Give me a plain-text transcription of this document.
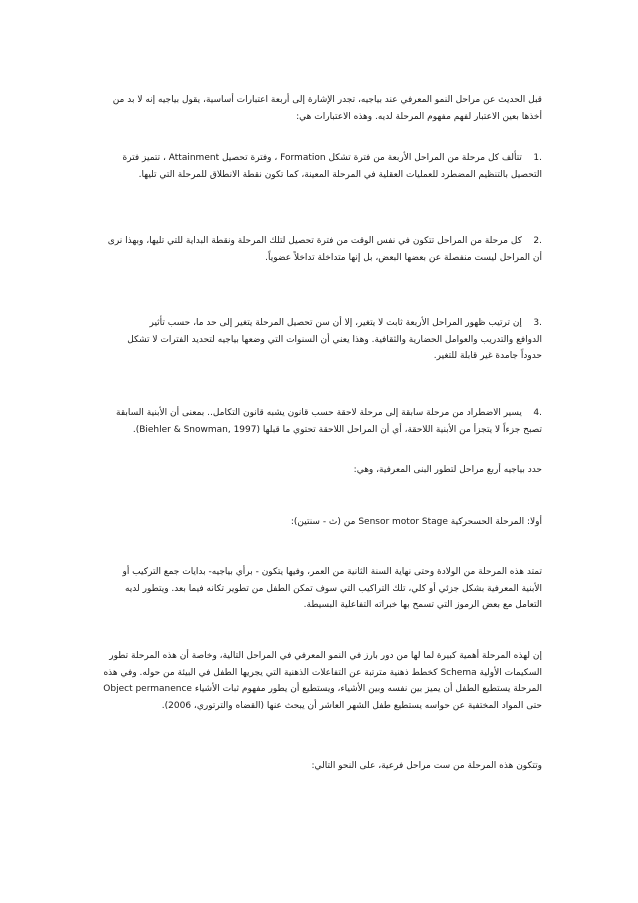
قبل الحديث عن مراحل النمو المعرفي عند بياجيه، تجدر الإشارة إلى أربعة اعتبارات أساسية، يقول بياجيه إنه لا بد من
أخذها بعين الاعتبار لفهم مفهوم المرحلة لديه. وهذه الاعتبارات هي:

.1    تتألف كل مرحلة من المراحل الأربعة من فترة تشكل Formation ، وفترة تحصيل Attainment ، تتميز فترة
التحصيل بالتنظيم المضطرد للعمليات العقلية في المرحلة المعينة، كما تكون نقطة الانطلاق للمرحلة التي تليها.

.2    كل مرحلة من المراحل تتكون في نفس الوقت من فترة تحصيل لتلك المرحلة ونقطة البداية للتي تليها، وبهذا نرى
أن المراحل ليست منفصلة عن بعضها البعض، بل إنها متداخلة تداخلاً عضوياً.

.3    إن ترتيب ظهور المراحل الأربعة ثابت لا يتغير، إلا أن سن تحصيل المرحلة يتغير إلى حد ما، حسب تأثير
الدوافع والتدريب والعوامل الحضارية والثقافية. وهذا يعني أن السنوات التي وضعها بياجيه لتحديد الفترات لا تشكل
حدوداً جامدة غير قابلة للتغير.

.4    يسير الاضطراد من مرحلة سابقة إلى مرحلة لاحقة حسب قانون يشبه قانون التكامل.. بمعنى أن الأبنية السابقة
تصبح جزءاً لا يتجزأ من الأبنية اللاحقة، أي أن المراحل اللاحقة تحتوي ما قبلها (Biehler & Snowman, 1997).

حدد بياجيه أربع مراحل لتطور البنى المعرفية، وهي:

أولا: المرحلة الحسحركية Sensor motor Stage من (ث - سنتين):

تمتد هذه المرحلة من الولادة وحتى نهاية السنة الثانية من العمر، وفيها يتكون - برأي بياجيه- بدايات جمع التركيب أو
الأبنية المعرفية بشكل جزئي أو كلي، تلك التراكيب التي سوف تمكن الطفل من تطوير تكانه فيما بعد. ويتطور لديه
التعامل مع بعض الرموز التي تسمح بها خبراته التفاعلية البسيطة.

إن لهذه المرحلة أهمية كبيرة لما لها من دور بارز في النمو المعرفي في المراحل التالية، وخاصة أن هذه المرحلة تطور
السكيمات الأولية Schema كخطط ذهنية مترتبة عن التفاعلات الذهنية التي يجريها الطفل في البيئة من حوله. وفي هذه
المرحلة يستطيع الطفل أن يميز بين نفسه وبين الأشياء، ويستطيع أن يطور مفهوم ثبات الأشياء Object permanence
حتى المواد المختفية عن حواسه يستطيع طفل الشهر العاشر أن يبحث عنها (القضاه والترتوري، 2006).

وتتكون هذه المرحلة من ست مراحل فرعية، على النحو التالي:
